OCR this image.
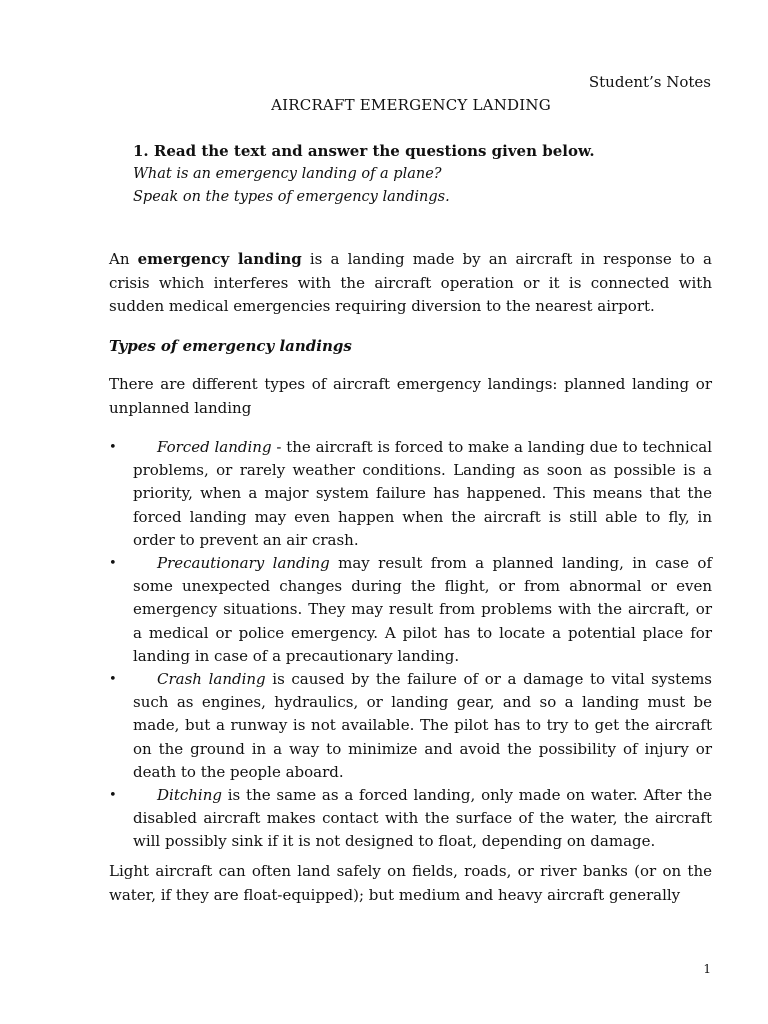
Student’s Notes
AIRCRAFT EMERGENCY LANDING
1. Read the text and answer the questions given below.
What is an emergency landing of a plane?
Speak on the types of emergency landings.

An emergency landing is a landing made by an aircraft in response to a crisis which interferes with the aircraft operation or it is connected with sudden medical emergencies requiring diversion to the nearest airport.

Types of emergency landings

There are different types of aircraft emergency landings: planned landing or unplanned landing

•	Forced landing - the aircraft is forced to make a landing due to technical problems, or rarely weather conditions. Landing as soon as possible is a priority, when a major system failure has happened. This means that the forced landing may even happen when the aircraft is still able to fly, in order to prevent an air crash.
•	Precautionary landing may result from a planned landing, in case of some unexpected changes during the flight, or from abnormal or even emergency situations. They may result from problems with the aircraft, or a medical or police emergency. A pilot has to locate a potential place for landing in case of a precautionary landing.
•	Crash landing is caused by the failure of or a damage to vital systems such as engines, hydraulics, or landing gear, and so a landing must be made, but a runway is not available. The pilot has to try to get the aircraft on the ground in a way to minimize and avoid the possibility of injury or death to the people aboard.
•	Ditching is the same as a forced landing, only made on water. After the disabled aircraft makes contact with the surface of the water, the aircraft will possibly sink if it is not designed to float, depending on damage.

Light aircraft can often land safely on fields, roads, or river banks (or on the water, if they are float-equipped); but medium and heavy aircraft generally

1
